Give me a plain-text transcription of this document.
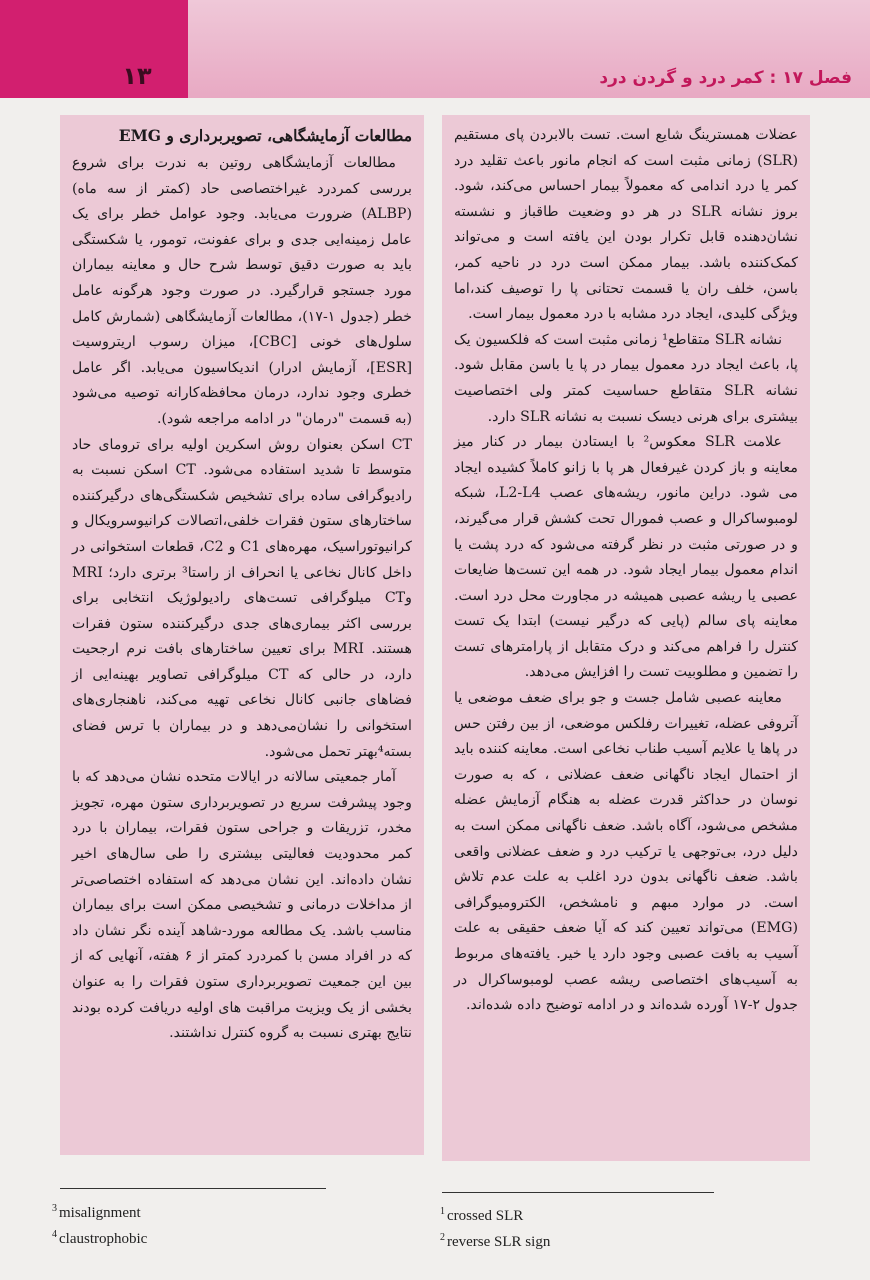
۱۳	فصل ۱۷ : کمر درد و گردن درد

عضلات همسترینگ شایع است. تست بالابردن پای مستقیم (SLR) زمانی مثبت است که انجام مانور باعث تقلید درد کمر یا درد اندامی که معمولاً بیمار احساس می‌کند، شود. بروز نشانه SLR در هر دو وضعیت طاقباز و نشسته نشان‌دهنده قابل تکرار بودن این یافته است و می‌تواند کمک‌کننده باشد. بیمار ممکن است درد در ناحیه کمر، باسن، خلف ران یا قسمت تحتانی پا را توصیف کند،اما ویژگی کلیدی، ایجاد درد مشابه با درد معمول بیمار است.

نشانه SLR متقاطع¹ زمانی مثبت است که فلکسیون یک پا، باعث ایجاد درد معمول بیمار در پا یا باسن مقابل شود. نشانه SLR متقاطع حساسیت کمتر ولی اختصاصیت بیشتری برای هرنی دیسک نسبت به نشانه SLR دارد.

علامت SLR معکوس² با ایستادن بیمار در کنار میز معاینه و باز کردن غیرفعال هر پا با زانو کاملاً کشیده ایجاد می شود. دراین مانور، ریشه‌های عصب L2-L4، شبکه لومبوساکرال و عصب فمورال تحت کشش قرار می‌گیرند، و در صورتی مثبت در نظر گرفته می‌شود که درد پشت یا اندام معمول بیمار ایجاد شود. در همه این تست‌ها ضایعات عصبی یا ریشه عصبی همیشه در مجاورت محل درد است. معاینه پای سالم (پایی که درگیر نیست) ابتدا یک تست کنترل را فراهم می‌کند و درک متقابل از پارامترهای تست را تضمین و مطلوبیت تست را افزایش می‌دهد.

معاینه عصبی شامل جست و جو برای ضعف موضعی یا آتروفی عضله، تغییرات رفلکس موضعی، از بین رفتن حس در پاها یا علایم آسیب طناب نخاعی است. معاینه کننده باید از احتمال ایجاد ناگهانی ضعف عضلانی ، که به صورت نوسان در حداکثر قدرت عضله به هنگام آزمایش عضله مشخص می‌شود، آگاه باشد. ضعف ناگهانی ممکن است به دلیل درد، بی‌توجهی یا ترکیب درد و ضعف عضلانی واقعی باشد. ضعف ناگهانی بدون درد اغلب به علت عدم تلاش است. در موارد مبهم و نامشخص، الکترومیوگرافی (EMG) می‌تواند تعیین کند که آیا ضعف حقیقی به علت آسیب به بافت عصبی وجود دارد یا خیر. یافته‌های مربوط به آسیب‌های اختصاصی ریشه عصب لومبوساکرال در جدول ۲-۱۷ آورده شده‌اند و در ادامه توضیح داده شده‌اند.

مطالعات آزمایشگاهی، تصویربرداری و EMG

مطالعات آزمایشگاهی روتین به ندرت برای شروع بررسی کمردرد غیراختصاصی حاد (کمتر از سه ماه) (ALBP) ضرورت می‌یابد. وجود عوامل خطر برای یک عامل زمینه‌ایی جدی و برای عفونت، تومور، یا شکستگی باید به صورت دقیق توسط شرح حال و معاینه بیماران مورد جستجو قرارگیرد. در صورت وجود هرگونه عامل خطر (جدول ۱-۱۷)، مطالعات آزمایشگاهی (شمارش کامل سلول‌های خونی [CBC]، میزان رسوب اریتروسیت [ESR]، آزمایش ادرار) اندیکاسیون می‌یابد. اگر عامل خطری وجود ندارد، درمان محافظه‌کارانه توصیه می‌شود (به قسمت "درمان" در ادامه مراجعه شود).

CT اسکن بعنوان روش اسکرین اولیه برای ترومای حاد متوسط تا شدید استفاده می‌شود. CT اسکن نسبت به رادیوگرافی ساده برای تشخیص شکستگی‌های درگیرکننده ساختارهای ستون فقرات خلفی،اتصالات کرانیوسرویکال و کرانیوتوراسیک، مهره‌های C1 و C2، قطعات استخوانی در داخل کانال نخاعی یا انحراف از راستا³ برتری دارد؛ MRI وCT میلوگرافی تست‌های رادیولوژیک انتخابی برای بررسی اکثر بیماری‌های جدی درگیرکننده ستون فقرات هستند. MRI برای تعیین ساختارهای بافت نرم ارجحیت دارد، در حالی که CT میلوگرافی تصاویر بهینه‌ایی از فضاهای جانبی کانال نخاعی تهیه می‌کند، ناهنجاری‌های استخوانی را نشان‌می‌دهد و در بیماران با ترس فضای بسته⁴بهتر تحمل می‌شود.

آمار جمعیتی سالانه در ایالات متحده نشان می‌دهد که با وجود پیشرفت سریع در تصویربرداری ستون مهره، تجویز مخدر، تزریقات و جراحی ستون فقرات، بیماران با درد کمر محدودیت فعالیتی بیشتری را طی سال‌های اخیر نشان داده‌اند. این نشان می‌دهد که استفاده اختصاصی‌تر از مداخلات درمانی و تشخیصی ممکن است برای بیماران مناسب باشد. یک مطالعه مورد-شاهد آینده نگر نشان داد که در افراد مسن با کمردرد کمتر از ۶ هفته، آنهایی که از بین این جمعیت تصویربرداری ستون فقرات را به عنوان بخشی از یک ویزیت مراقبت های اولیه دریافت کرده بودند نتایج بهتری نسبت به گروه کنترل نداشتند.

$^3$ misalignment
$^4$ claustrophobic
$^1$ crossed SLR
$^2$ reverse SLR sign
